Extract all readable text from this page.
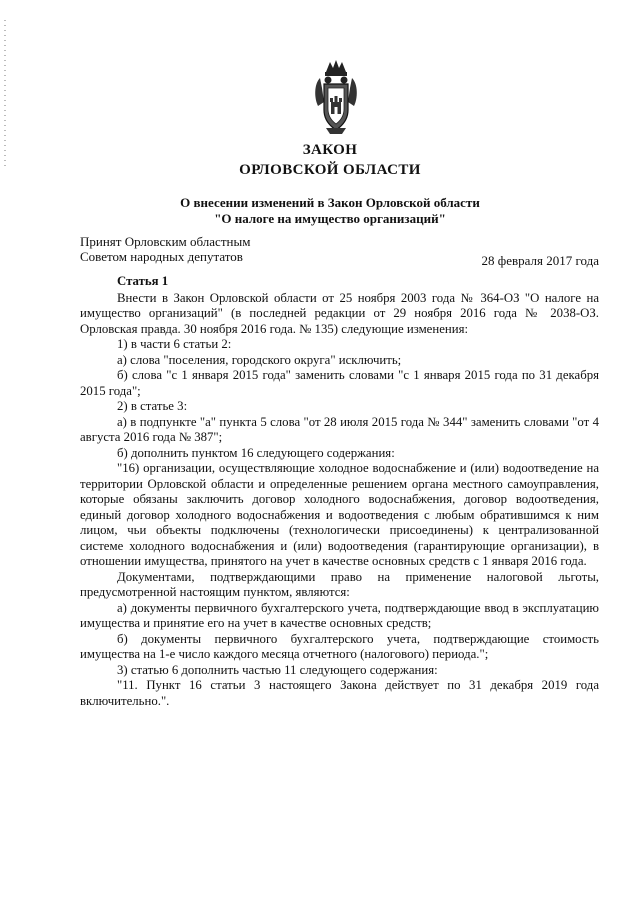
ЗАКОН
ОРЛОВСКОЙ ОБЛАСТИ
О внесении изменений в Закон Орловской области
"О налоге на имущество организаций"
Принят Орловским областным
Советом народных депутатов	28 февраля 2017 года
Статья 1

Внести в Закон Орловской области от 25 ноября 2003 года № 364-ОЗ "О налоге на имущество организаций" (в последней редакции от 29 ноября 2016 года № 2038-ОЗ. Орловская правда. 30 ноября 2016 года. № 135) следующие изменения:

1) в части 6 статьи 2:

а) слова "поселения, городского округа" исключить;

б) слова "с 1 января 2015 года" заменить словами "с 1 января 2015 года по 31 декабря 2015 года";

2) в статье 3:

а) в подпункте "а" пункта 5 слова "от 28 июля 2015 года № 344" заменить словами "от 4 августа 2016 года № 387";

б) дополнить пунктом 16 следующего содержания:

"16) организации, осуществляющие холодное водоснабжение и (или) водоотведение на территории Орловской области и определенные решением органа местного самоуправления, которые обязаны заключить договор холодного водоснабжения, договор водоотведения, единый договор холодного водоснабжения и водоотведения с любым обратившимся к ним лицом, чьи объекты подключены (технологически присоединены) к централизованной системе холодного водоснабжения и (или) водоотведения (гарантирующие организации), в отношении имущества, принятого на учет в качестве основных средств с 1 января 2016 года.

Документами, подтверждающими право на применение налоговой льготы, предусмотренной настоящим пунктом, являются:

а) документы первичного бухгалтерского учета, подтверждающие ввод в эксплуатацию имущества и принятие его на учет в качестве основных средств;

б) документы первичного бухгалтерского учета, подтверждающие стоимость имущества на 1-е число каждого месяца отчетного (налогового) периода.";

3) статью 6 дополнить частью 11 следующего содержания:

"11. Пункт 16 статьи 3 настоящего Закона действует по 31 декабря 2019 года включительно.".
